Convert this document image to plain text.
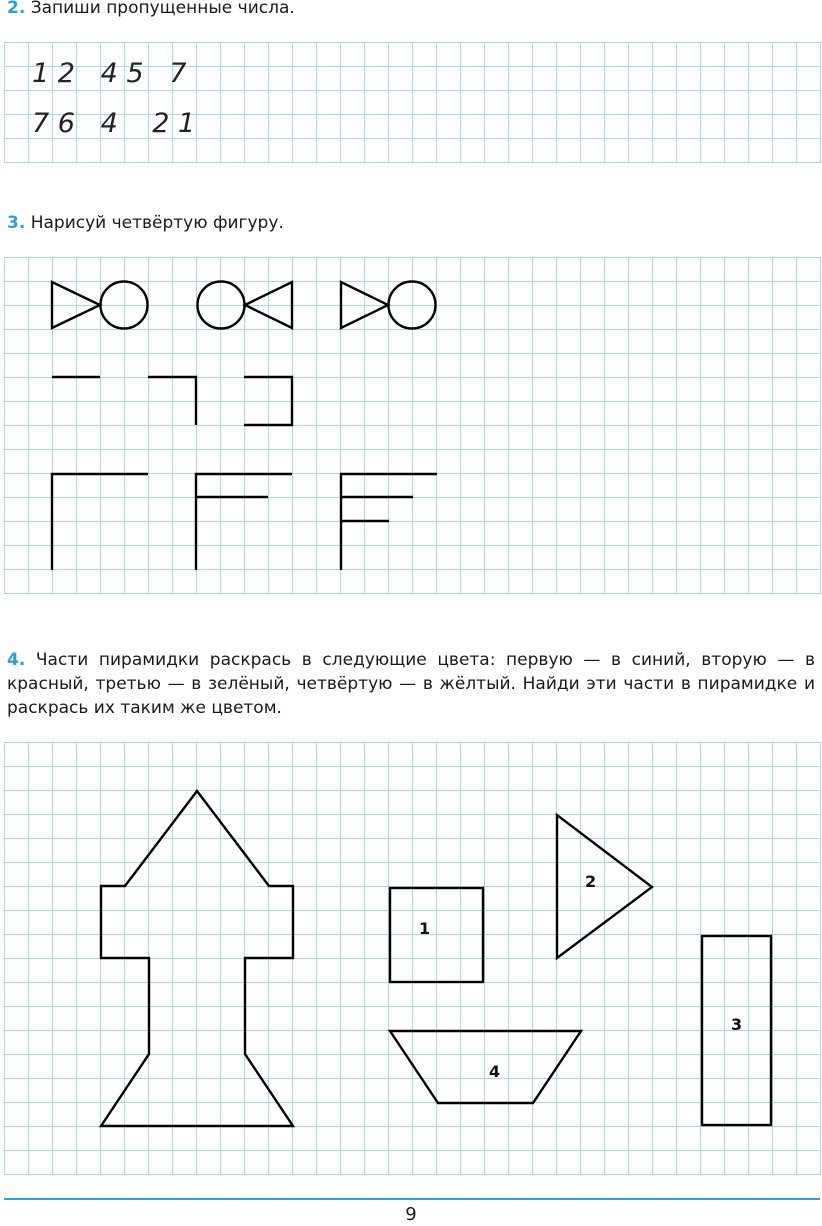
2. Запиши пропущенные числа.

1 2   4 5   7
7 6   4    2 1

3. Нарисуй четвёртую фигуру.

4. Части пирамидки раскрась в следующие цвета: первую — в синий, вторую — в красный, третью — в зелёный, четвёртую — в жёлтый. Найди эти части в пирамидке и раскрась их таким же цветом.

1
2
3
4
9
